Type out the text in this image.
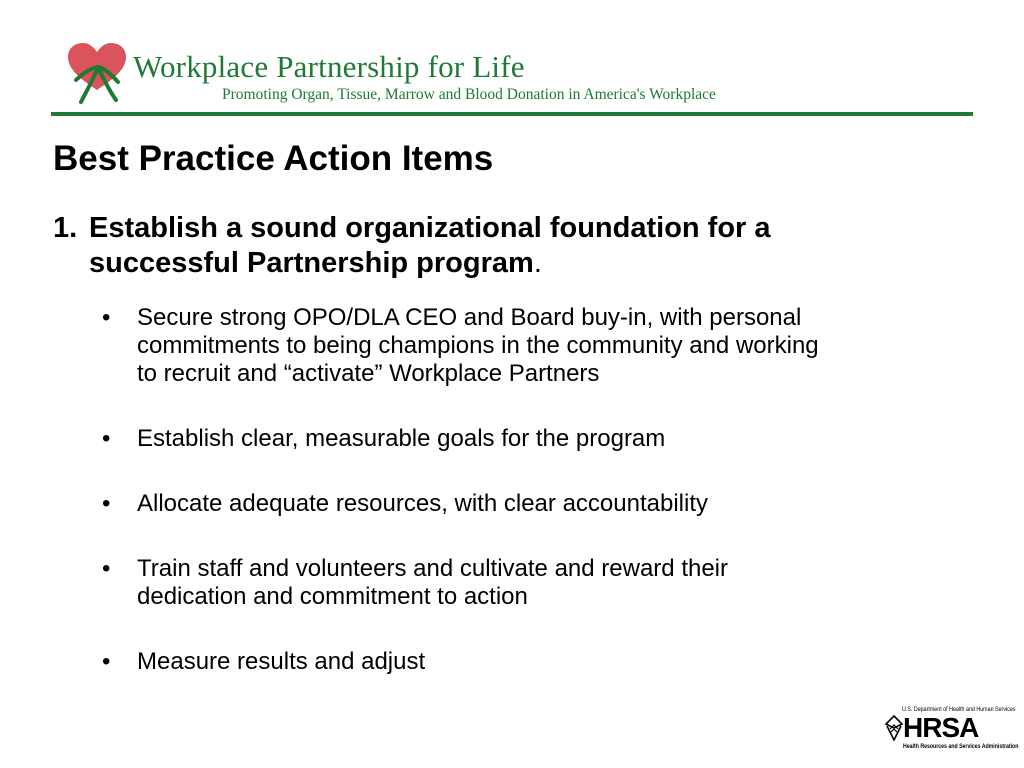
Workplace Partnership for Life
Promoting Organ, Tissue, Marrow and Blood Donation in America's Workplace
Best Practice Action Items
1. Establish a sound organizational foundation for a
successful Partnership program.
• Secure strong OPO/DLA CEO and Board buy-in, with personal
commitments to being champions in the community and working
to recruit and “activate” Workplace Partners
• Establish clear, measurable goals for the program
• Allocate adequate resources, with clear accountability
• Train staff and volunteers and cultivate and reward their
dedication and commitment to action
• Measure results and adjust
U.S. Department of Health and Human Services
HRSA
Health Resources and Services Administration
